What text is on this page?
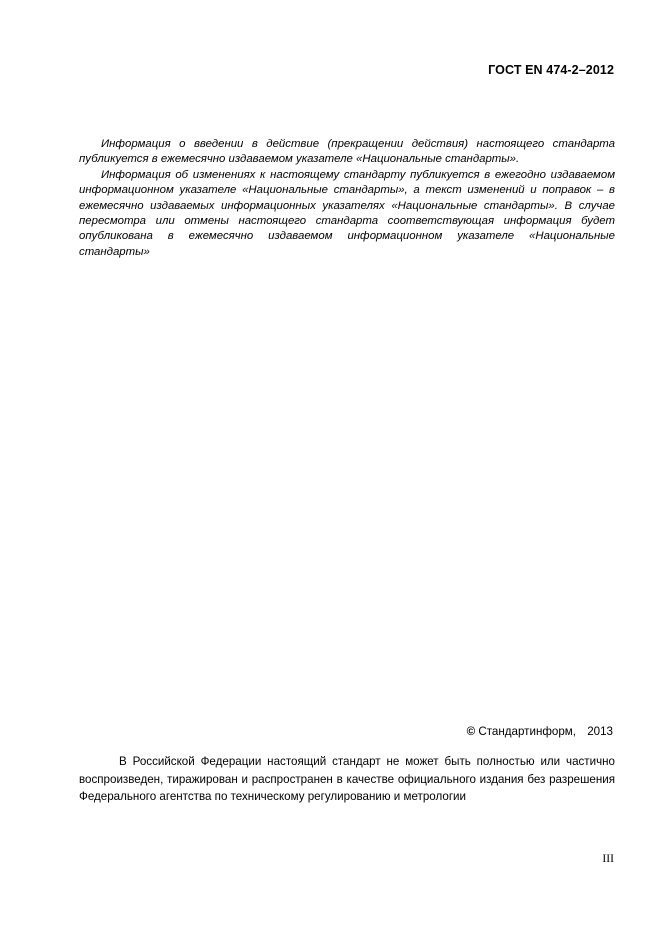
ГОСТ EN 474-2–2012

Информация о введении в действие (прекращении действия) настоящего стандарта публикуется в ежемесячно издаваемом указателе «Национальные стандарты».

Информация об изменениях к настоящему стандарту публикуется в ежегодно издаваемом информационном указателе «Национальные стандарты», а текст изменений и поправок – в ежемесячно издаваемых информационных указателях «Национальные стандарты». В случае пересмотра или отмены настоящего стандарта соответствующая информация будет опубликована в ежемесячно издаваемом информационном указателе «Национальные стандарты»

© Стандартинформ, 2013

В Российской Федерации настоящий стандарт не может быть полностью или частично воспроизведен, тиражирован и распространен в качестве официального издания без разрешения Федерального агентства по техническому регулированию и метрологии

III
